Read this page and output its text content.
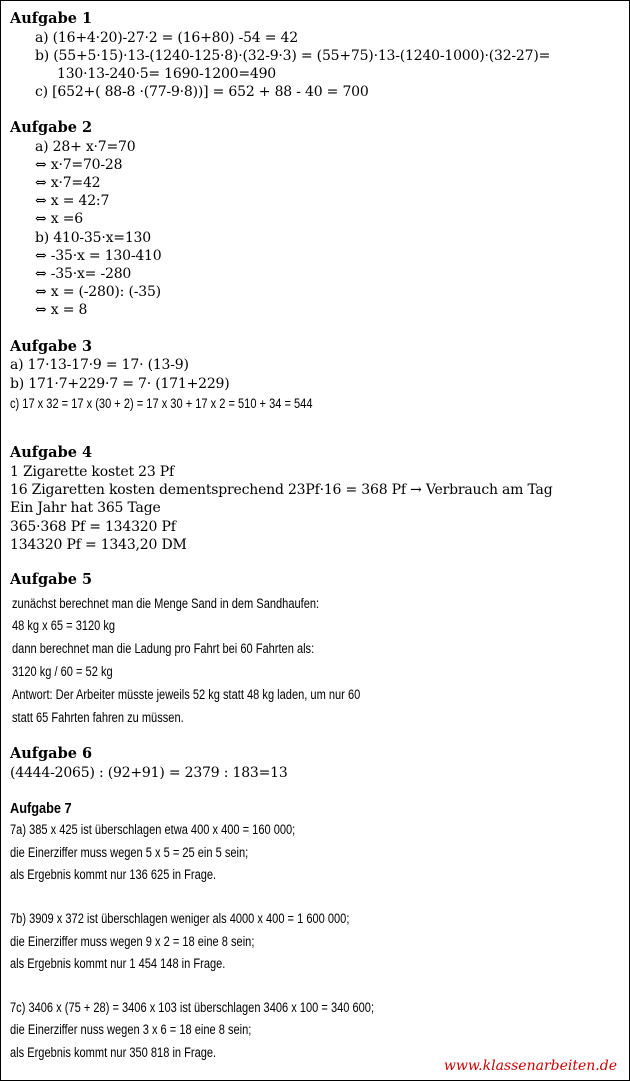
Aufgabe 1
a) (16+4·20)-27·2 = (16+80) -54 = 42
b) (55+5·15)·13-(1240-125·8)·(32-9·3) = (55+75)·13-(1240-1000)·(32-27)=
130·13-240·5= 1690-1200=490
c) [652+( 88-8 ·(77-9·8))] = 652 + 88 - 40 = 700
Aufgabe 2
a) 28+ x·7=70
⇔ x·7=70-28
⇔ x·7=42
⇔ x = 42:7
⇔ x =6
b) 410-35·x=130
⇔ -35·x = 130-410
⇔ -35·x= -280
⇔ x = (-280): (-35)
⇔ x = 8
Aufgabe 3
a) 17·13-17·9 = 17· (13-9)
b) 171·7+229·7 = 7· (171+229)
c) 17 x 32 = 17 x (30 + 2) = 17 x 30 + 17 x 2 = 510 + 34 = 544
Aufgabe 4
1 Zigarette kostet 23 Pf
16 Zigaretten kosten dementsprechend 23Pf·16 = 368 Pf → Verbrauch am Tag
Ein Jahr hat 365 Tage
365·368 Pf = 134320 Pf
134320 Pf = 1343,20 DM
Aufgabe 5
zunächst berechnet man die Menge Sand in dem Sandhaufen:
48 kg x 65 = 3120 kg
dann berechnet man die Ladung pro Fahrt bei 60 Fahrten als:
3120 kg / 60 = 52 kg
Antwort: Der Arbeiter müsste jeweils 52 kg statt 48 kg laden, um nur 60
statt 65 Fahrten fahren zu müssen.
Aufgabe 6
(4444-2065) : (92+91) = 2379 : 183=13
Aufgabe 7
7a) 385 x 425 ist überschlagen etwa 400 x 400 = 160 000;
die Einerziffer muss wegen 5 x 5 = 25 ein 5 sein;
als Ergebnis kommt nur 136 625 in Frage.
7b) 3909 x 372 ist überschlagen weniger als 4000 x 400 = 1 600 000;
die Einerziffer muss wegen 9 x 2 = 18 eine 8 sein;
als Ergebnis kommt nur 1 454 148 in Frage.
7c) 3406 x (75 + 28) = 3406 x 103 ist überschlagen 3406 x 100 = 340 600;
die Einerziffer nuss wegen 3 x 6 = 18 eine 8 sein;
als Ergebnis kommt nur 350 818 in Frage.
www.klassenarbeiten.de
